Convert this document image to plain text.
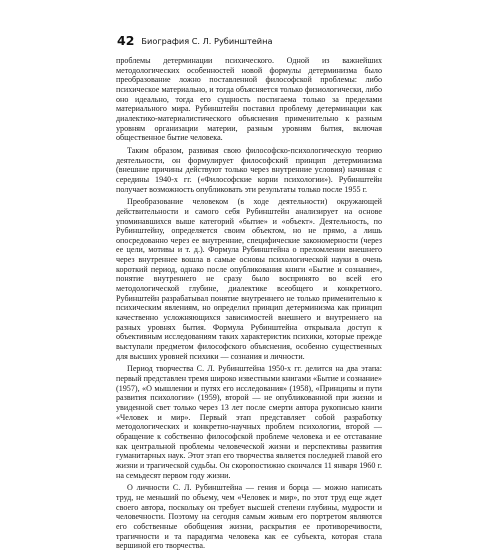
42 Биография С. Л. Рубинштейна

проблемы детерминации психического. Одной из важнейших методологических особенностей новой формулы детерминизма было преобразование ложно поставленной философской проблемы: либо психическое материально, и тогда объясняется только физиологически, либо оно идеально, тогда его сущность постигаема только за пределами материального мира. Рубинштейн поставил проблему детерминации как диалектико-материалистического объяснения применительно к разным уровням организации материи, разным уровням бытия, включая общественное бытие человека.

Таким образом, развивая свою философско-психологическую теорию деятельности, он формулирует философский принцип детерминизма (внешние причины действуют только через внутренние условия) начиная с середины 1940-х гг. («Философские корни психологии»). Рубинштейн получает возможность опубликовать эти результаты только после 1955 г.

Преобразование человеком (в ходе деятельности) окружающей действительности и самого себя Рубинштейн анализирует на основе упоминавшихся выше категорий «бытие» и «объект». Деятельность, по Рубинштейну, определяется своим объектом, но не прямо, а лишь опосредованно через ее внутренние, специфические закономерности (через ее цели, мотивы и т. д.). Формула Рубинштейна о преломлении внешнего через внутреннее вошла в самые основы психологической науки в очень короткий период, однако после опубликования книги «Бытие и сознание», понятие внутреннего не сразу было воспринято во всей его методологической глубине, диалектике всеобщего и конкретного. Рубинштейн разрабатывал понятие внутреннего не только применительно к психическим явлениям, но определил принцип детерминизма как принцип качественно усложняющихся зависимостей внешнего и внутреннего на разных уровнях бытия. Формула Рубинштейна открывала доступ к объективным исследованиям таких характеристик психики, которые прежде выступали предметом философского объяснения, особенно существенных для высших уровней психики — сознания и личности.

Период творчества С. Л. Рубинштейна 1950-х гг. делится на два этапа: первый представлен тремя широко известными книгами «Бытие и сознание» (1957), «О мышлении и путях его исследования» (1958), «Принципы и пути развития психологии» (1959), второй — не опубликованной при жизни и увиденной свет только через 13 лет после смерти автора рукописью книги «Человек и мир». Первый этап представляет собой разработку методологических и конкретно-научных проблем психологии, второй — обращение к собственно философской проблеме человека и ее отставание как центральной проблемы человеческой жизни и перспективы развития гуманитарных наук. Этот этап его творчества является последней главой его жизни и трагической судьбы. Он скоропостижно скончался 11 января 1960 г. на семьдесят первом году жизни.

О личности С. Л. Рубинштейна — гения и борца — можно написать труд, не меньший по объему, чем «Человек и мир», по этот труд еще ждет своего автора, поскольку он требует высшей степени глубины, мудрости и человечности. Поэтому на сегодня самым живым его портретом являются его собственные обобщения жизни, раскрытия ее противоречивости, трагичности и та парадигма человека как ее субъекта, которая стала вершиной его творчества.
